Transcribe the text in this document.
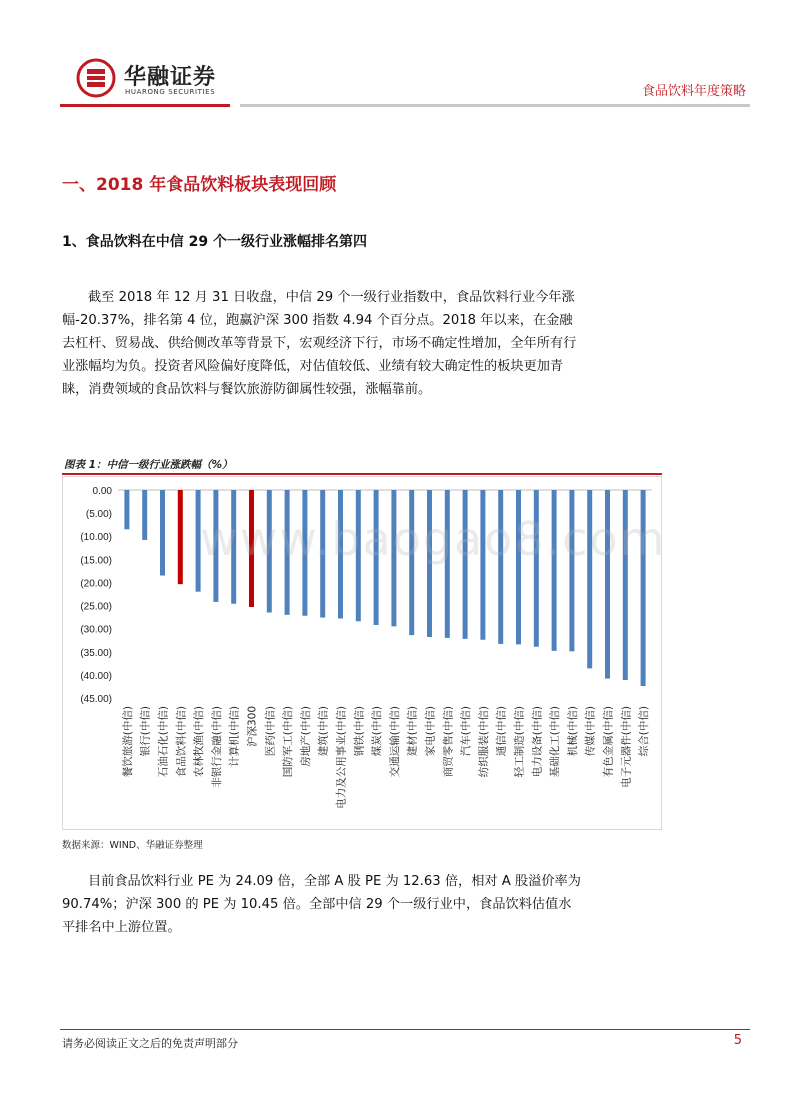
华融证券
HUARONG SECURITIES	食品饮料年度策略
一、2018 年食品饮料板块表现回顾
1、食品饮料在中信 29 个一级行业涨幅排名第四

截至 2018 年 12 月 31 日收盘，中信 29 个一级行业指数中，食品饮料行业今年涨幅-20.37%，排名第 4 位，跑赢沪深 300 指数 4.94 个百分点。2018 年以来，在金融去杠杆、贸易战、供给侧改革等背景下，宏观经济下行，市场不确定性增加，全年所有行业涨幅均为负。投资者风险偏好度降低，对估值较低、业绩有较大确定性的板块更加青睐，消费领域的食品饮料与餐饮旅游防御属性较强，涨幅靠前。

图表 1：中信一级行业涨跌幅（%）
0.00
(5.00)
(10.00)
(15.00)
(20.00)
(25.00)
(30.00)
(35.00)
(40.00)
(45.00)
餐饮旅游(中信) 银行(中信) 石油石化(中信) 食品饮料(中信) 农林牧渔(中信) 非银行金融(中信) 计算机(中信) 沪深300 医药(中信) 国防军工(中信) 房地产(中信) 建筑(中信) 电力及公用事业(中信) 钢铁(中信) 煤炭(中信) 交通运输(中信) 建材(中信) 家电(中信) 商贸零售(中信) 汽车(中信) 纺织服装(中信) 通信(中信) 轻工制造(中信) 电力设备(中信) 基础化工(中信) 机械(中信) 传媒(中信) 有色金属(中信) 电子元器件(中信) 综合(中信)
www.baogao8.com
数据来源：WIND、华融证券整理

目前食品饮料行业 PE 为 24.09 倍，全部 A 股 PE 为 12.63 倍，相对 A 股溢价率为 90.74%；沪深 300 的 PE 为 10.45 倍。全部中信 29 个一级行业中，食品饮料估值水平排名中上游位置。

请务必阅读正文之后的免责声明部分	5
